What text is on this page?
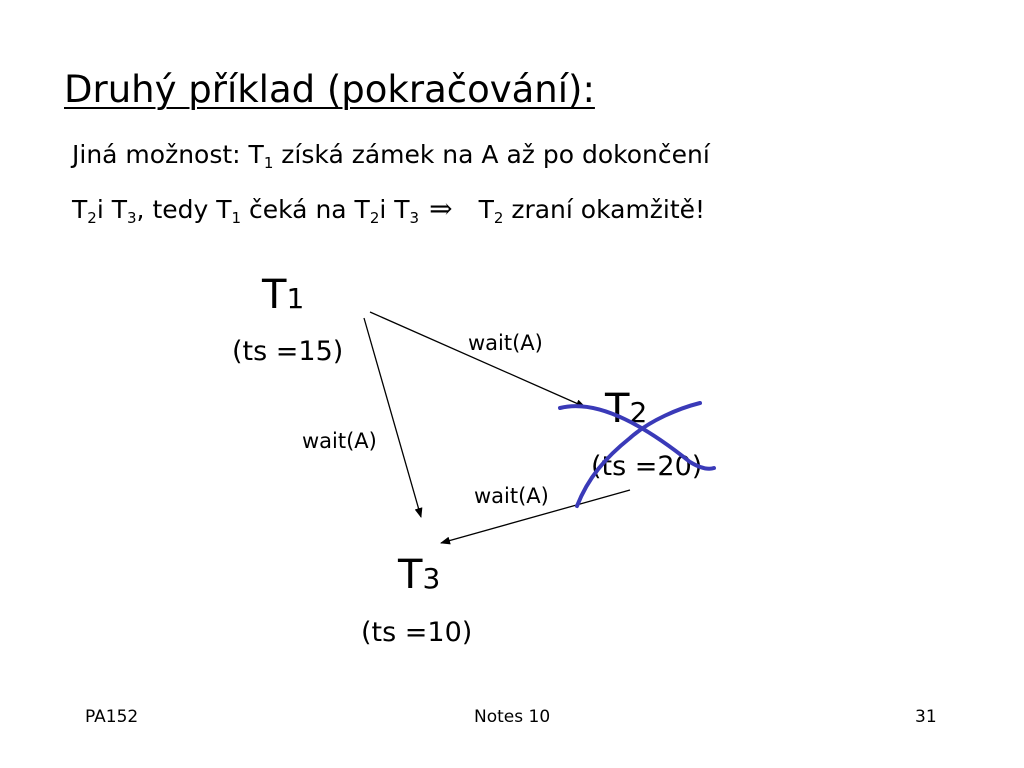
Druhý příklad (pokračování):
Jiná možnost: $T_1$ získá zámek na A až po dokončení
$T_2i$ $T_3$, tedy $T_1$ čeká na $T_2i$ $T_3$ ⇒ $T_2$ zraní okamžitě!
T1
(ts =15)
T2
(ts =20)
T3
(ts =10)
wait(A)
wait(A)
wait(A)
PA152	Notes 10	31
